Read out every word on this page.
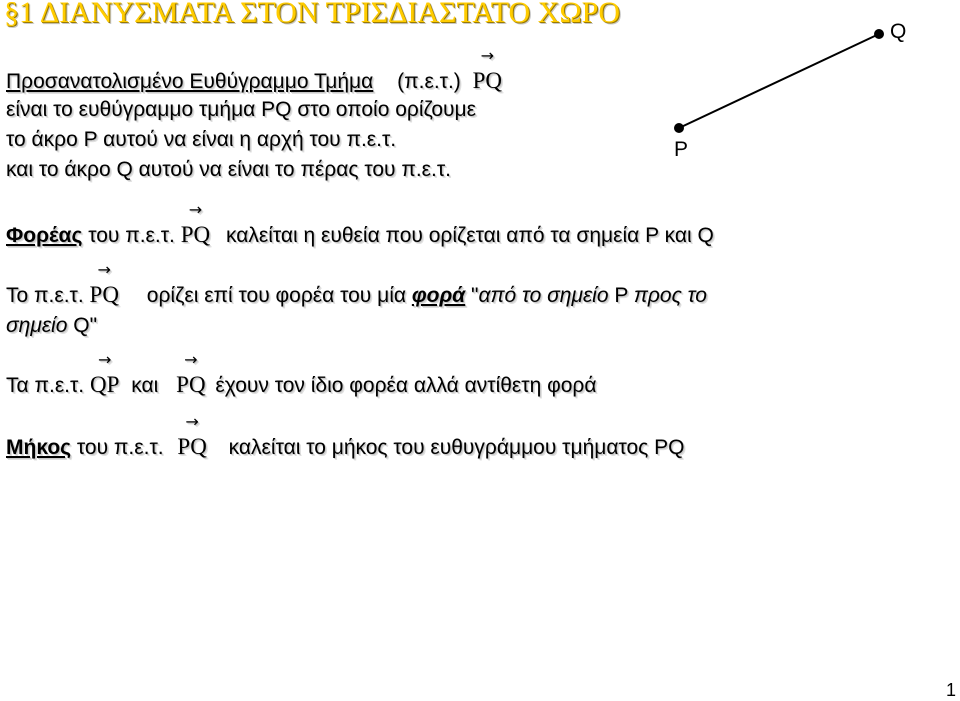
§1 ΔΙΑΝΥΣΜΑΤΑ ΣΤΟΝ ΤΡΙΣΔΙΑΣΤΑΤΟ ΧΩΡΟ
Προσανατολισμένο Ευθύγραμμο Τμήμα (π.ε.τ.)
→
PQ
είναι το ευθύγραμμο τμήμα PQ στο οποίο ορίζουμε
το άκρο P αυτού να είναι η αρχή του π.ε.τ.
και το άκρο Q αυτού να είναι το πέρας του π.ε.τ.
P
Q
Φορέας του π.ε.τ.
→
PQ καλείται η ευθεία που ορίζεται από τα σημεία P και Q
Το π.ε.τ.
→
PQ ορίζει επί του φορέα του μία φορά "από το σημείο P προς το
σημείο Q"
Τα π.ε.τ.
→
QP και
→
PQ έχουν τον ίδιο φορέα αλλά αντίθετη φορά
Μήκος του π.ε.τ.
→
PQ καλείται το μήκος του ευθυγράμμου τμήματος PQ
1
